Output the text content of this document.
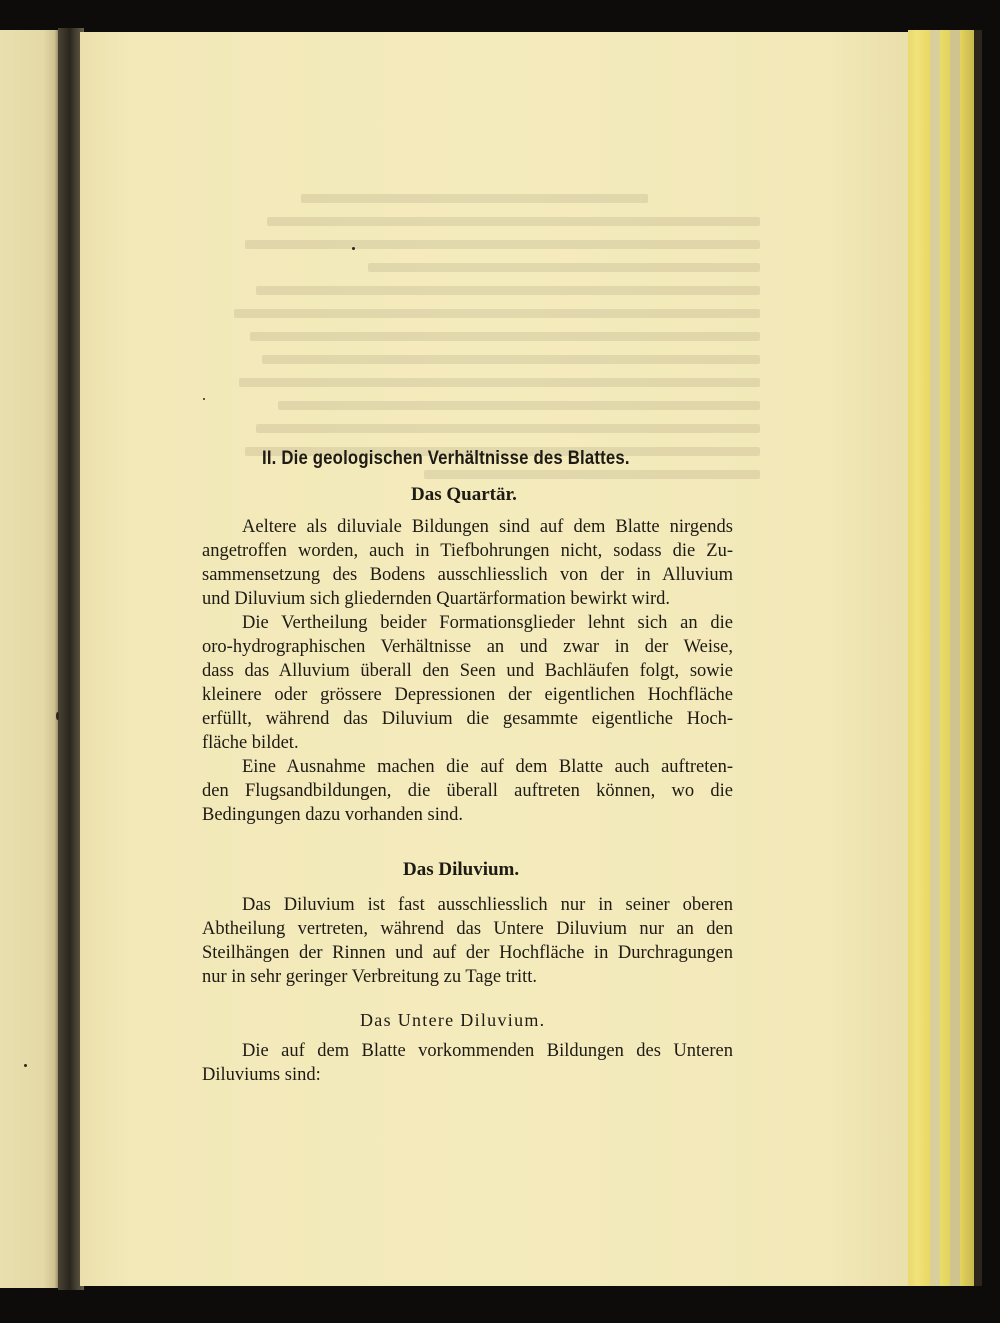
II. Die geologischen Verhältnisse des Blattes.
Das Quartär.
Aeltere als diluviale Bildungen sind auf dem Blatte nirgends
angetroffen worden, auch in Tiefbohrungen nicht, sodass die Zu-
sammensetzung des Bodens ausschliesslich von der in Alluvium
und Diluvium sich gliedernden Quartärformation bewirkt wird.
Die Vertheilung beider Formationsglieder lehnt sich an die
oro-hydrographischen Verhältnisse an und zwar in der Weise,
dass das Alluvium überall den Seen und Bachläufen folgt, sowie
kleinere oder grössere Depressionen der eigentlichen Hochfläche
erfüllt, während das Diluvium die gesammte eigentliche Hoch-
fläche bildet.
Eine Ausnahme machen die auf dem Blatte auch auftreten-
den Flugsandbildungen, die überall auftreten können, wo die
Bedingungen dazu vorhanden sind.
Das Diluvium.
Das Diluvium ist fast ausschliesslich nur in seiner oberen
Abtheilung vertreten, während das Untere Diluvium nur an den
Steilhängen der Rinnen und auf der Hochfläche in Durchragungen
nur in sehr geringer Verbreitung zu Tage tritt.
Das Untere Diluvium.
Die auf dem Blatte vorkommenden Bildungen des Unteren
Diluviums sind:
